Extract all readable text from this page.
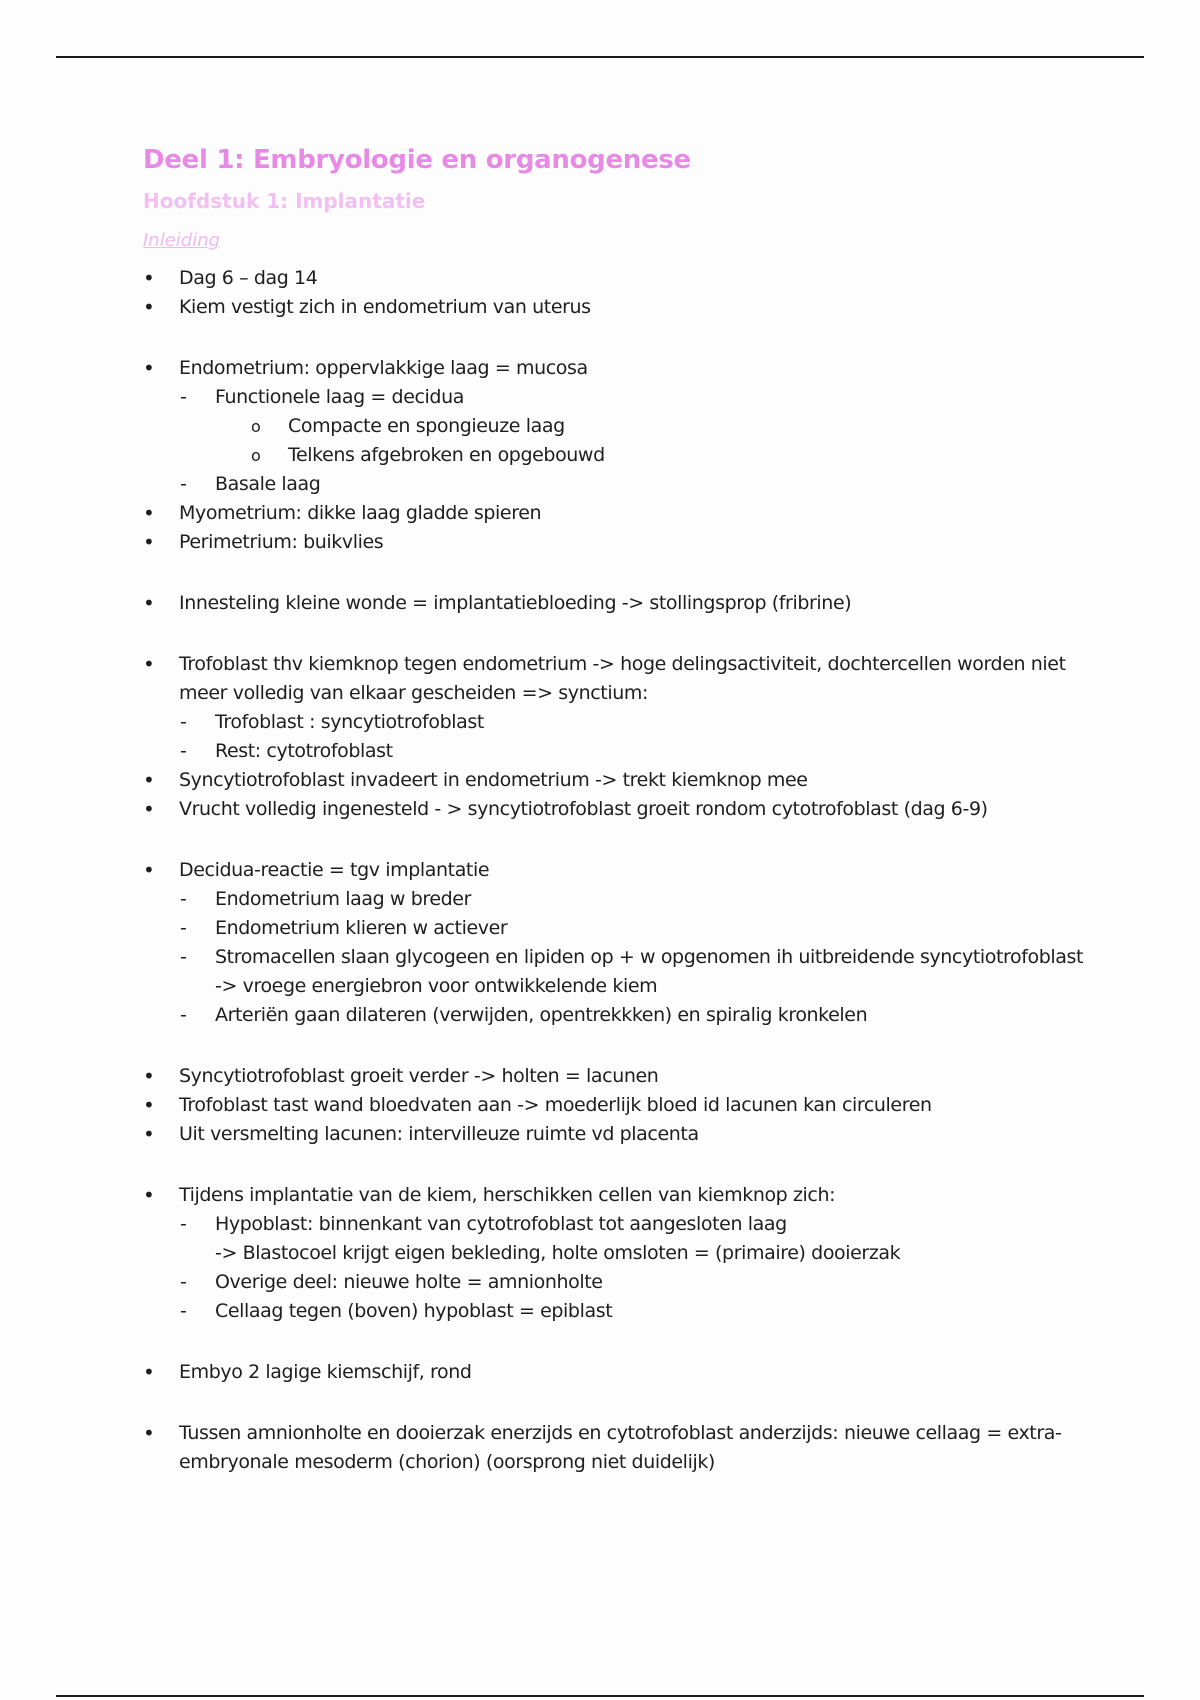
Deel 1: Embryologie en organogenese
Hoofdstuk 1: Implantatie
Inleiding
• Dag 6 – dag 14
• Kiem vestigt zich in endometrium van uterus
• Endometrium: oppervlakkige laag = mucosa
- Functionele laag = decidua
o Compacte en spongieuze laag
o Telkens afgebroken en opgebouwd
- Basale laag
• Myometrium: dikke laag gladde spieren
• Perimetrium: buikvlies
• Innesteling kleine wonde = implantatiebloeding -> stollingsprop (fribrine)
• Trofoblast thv kiemknop tegen endometrium -> hoge delingsactiviteit, dochtercellen worden niet meer volledig van elkaar gescheiden => synctium:
- Trofoblast : syncytiotrofoblast
- Rest: cytotrofoblast
• Syncytiotrofoblast invadeert in endometrium -> trekt kiemknop mee
• Vrucht volledig ingenesteld - > syncytiotrofoblast groeit rondom cytotrofoblast (dag 6-9)
• Decidua-reactie = tgv implantatie
- Endometrium laag w breder
- Endometrium klieren w actiever
- Stromacellen slaan glycogeen en lipiden op + w opgenomen ih uitbreidende syncytiotrofoblast -> vroege energiebron voor ontwikkelende kiem
- Arteriën gaan dilateren (verwijden, opentrekkken) en spiralig kronkelen
• Syncytiotrofoblast groeit verder -> holten = lacunen
• Trofoblast tast wand bloedvaten aan -> moederlijk bloed id lacunen kan circuleren
• Uit versmelting lacunen: intervilleuze ruimte vd placenta
• Tijdens implantatie van de kiem, herschikken cellen van kiemknop zich:
- Hypoblast: binnenkant van cytotrofoblast tot aangesloten laag
-> Blastocoel krijgt eigen bekleding, holte omsloten = (primaire) dooierzak
- Overige deel: nieuwe holte = amnionholte
- Cellaag tegen (boven) hypoblast = epiblast
• Embyo 2 lagige kiemschijf, rond
• Tussen amnionholte en dooierzak enerzijds en cytotrofoblast anderzijds: nieuwe cellaag = extra-embryonale mesoderm (chorion) (oorsprong niet duidelijk)
